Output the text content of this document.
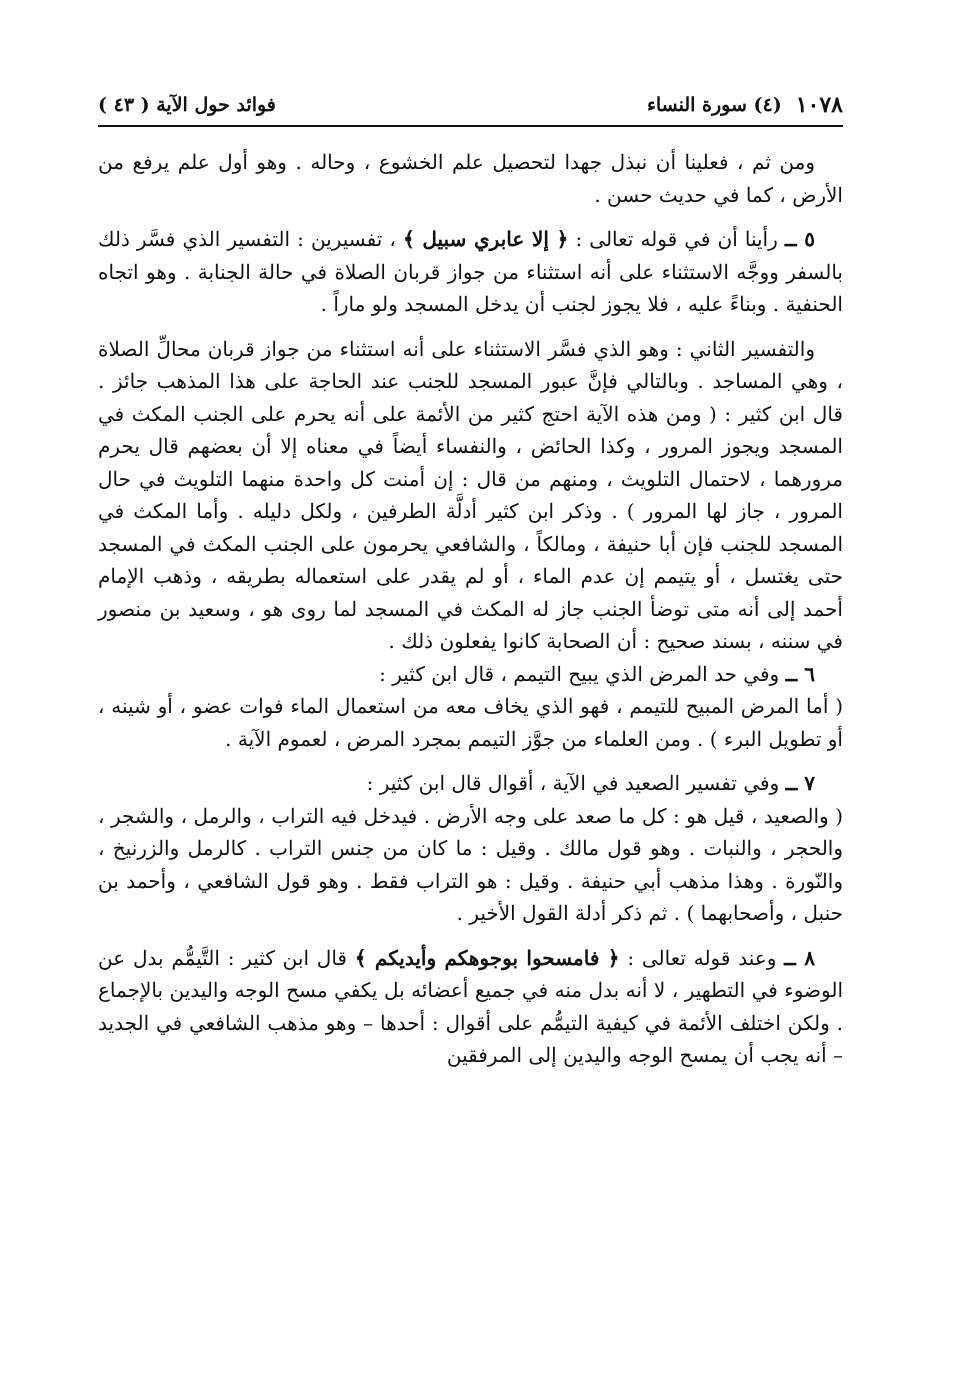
١٠٧٨
(٤) سورة النساء
فوائد حول الآية ( ٤٣ )

ومن ثم ، فعلينا أن نبذل جهدا لتحصيل علم الخشوع ، وحاله . وهو أول علم يرفع من الأرض ، كما في حديث حسن .

٥ ــ رأينا أن في قوله تعالى : ﴿ إلا عابري سبيل ﴾ ، تفسيرين : التفسير الذي فسَّر ذلك بالسفر ووجَّه الاستثناء على أنه استثناء من جواز قربان الصلاة في حالة الجنابة . وهو اتجاه الحنفية . وبناءً عليه ، فلا يجوز لجنب أن يدخل المسجد ولو ماراً .

والتفسير الثاني : وهو الذي فسَّر الاستثناء على أنه استثناء من جواز قربان محالِّ الصلاة ، وهي المساجد . وبالتالي فإنَّ عبور المسجد للجنب عند الحاجة على هذا المذهب جائز . قال ابن كثير : ( ومن هذه الآية احتج كثير من الأئمة على أنه يحرم على الجنب المكث في المسجد ويجوز المرور ، وكذا الحائض ، والنفساء أيضاً في معناه إلا أن بعضهم قال يحرم مرورهما ، لاحتمال التلويث ، ومنهم من قال : إن أمنت كل واحدة منهما التلويث في حال المرور ، جاز لها المرور ) . وذكر ابن كثير أدلَّة الطرفين ، ولكل دليله . وأما المكث في المسجد للجنب فإن أبا حنيفة ، ومالكاً ، والشافعي يحرمون على الجنب المكث في المسجد حتى يغتسل ، أو يتيمم إن عدم الماء ، أو لم يقدر على استعماله بطريقه ، وذهب الإمام أحمد إلى أنه متى توضأ الجنب جاز له المكث في المسجد لما روى هو ، وسعيد بن منصور في سننه ، بسند صحيح : أن الصحابة كانوا يفعلون ذلك .

٦ ــ وفي حد المرض الذي يبيح التيمم ، قال ابن كثير :

( أما المرض المبيح للتيمم ، فهو الذي يخاف معه من استعمال الماء فوات عضو ، أو شينه ، أو تطويل البرء ) . ومن العلماء من جوَّز التيمم بمجرد المرض ، لعموم الآية .

٧ ــ وفي تفسير الصعيد في الآية ، أقوال قال ابن كثير :

( والصعيد ، قيل هو : كل ما صعد على وجه الأرض . فيدخل فيه التراب ، والرمل ، والشجر ، والحجر ، والنبات . وهو قول مالك . وقيل : ما كان من جنس التراب . كالرمل والزرنيخ ، والنّورة . وهذا مذهب أبي حنيفة . وقيل : هو التراب فقط . وهو قول الشافعي ، وأحمد بن حنبل ، وأصحابهما ) . ثم ذكر أدلة القول الأخير .

٨ ــ وعند قوله تعالى : ﴿ فامسحوا بوجوهكم وأيديكم ﴾ قال ابن كثير : التَّيمُّم بدل عن الوضوء في التطهير ، لا أنه بدل منه في جميع أعضائه بل يكفي مسح الوجه واليدين بالإجماع . ولكن اختلف الأئمة في كيفية التيمُّم على أقوال : أحدها – وهو مذهب الشافعي في الجديد – أنه يجب أن يمسح الوجه واليدين إلى المرفقين
